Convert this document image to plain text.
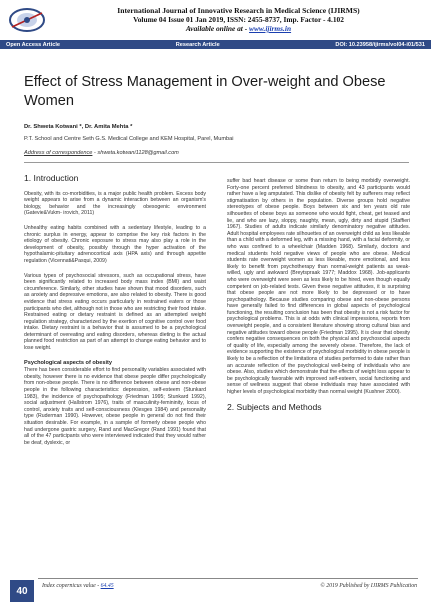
International Journal of Innovative Research in Medical Science (IJIRMS)
Volume 04 Issue 01 Jan 2019, ISSN: 2455-8737, Imp. Factor - 4.102
Available online at - www.ijirms.in
Open Access Article	Research Article	DOI: 10.23958/ijirms/vol04-i01/531
Effect of Stress Management in Over-weight and Obese Women
Dr. Shweta Kotwani *, Dr. Amita Mehta *
P.T. School and Centre Seth G.S. Medical College and KEM Hospital, Parel, Mumbai
Address of correspondence - shweta.kotwani1128@gmail.com
1. Introduction

Obesity, with its co-morbidities, is a major public health problem. Excess body weight appears to arise from a dynamic interaction between an organism's biology, behavior and the increasingly obesogenic environment (Gatevie&Vukm- irovich, 2011)

Unhealthy eating habits combined with a sedentary lifestyle, leading to a chronic surplus in energy, appear to comprise the key risk factors in the etiology of obesity. Chronic exposure to stress may also play a role in the development of obesity, possibly through the hyper activation of the hypothalamic-pituitary adrenocortical axis (HPA axis) and through appetite regulation (Vicennati&Pasqui, 2009)

Various types of psychosocial stressors, such as occupational stress, have been significantly related to increased body mass index (BMI) and waist circumference. Similarly, other studies have shown that mood disorders, such as anxiety and depressive emotions, are also related to obesity. There is good evidence that stress eating occurs particularly in restrained eaters or those participants who diet, although not in those who are restricting their food intake. Restrained eating or dietary restraint is defined as an attempted weight regulation strategy, characterized by the exertion of cognitive control over food intake. Dietary restraint is a behavior that is assumed to be a psychological determinant of overeating and eating disorders, whereas dieting is the actual planned food restriction as part of an attempt to change eating behavior and to lose weight.

Psychological aspects of obesity

There has been considerable effort to find personality variables associated with obesity, however there is no evidence that obese people differ psychologically from non-obese people. There is no difference between obese and non-obese people in the following characteristics: depression, self-esteem (Stunkard 1983), the incidence of psychopathology (Friedman 1995; Stunkard 1992), social adjustment (Hallstrom 1976), traits of masculinity-femininity, locus of control, anxiety traits and self-consciousness (Klesges 1984) and personality type (Ruderman 1990). However, obese people in general do not find their situation desirable. For example, in a sample of formerly obese people who had undergone gastric surgery, Rand and MacGregor (Rand 1991) found that all of the 47 participants who were interviewed indicated that they would rather be deaf, dyslexic, or

suffer bad heart disease or some than return to being morbidly overweight. Forty-one percent preferred blindness to obesity, and 43 participants would rather have a leg amputated. This dislike of obesity felt by sufferers may reflect stigmatisation by others in the population. Diverse groups hold negative stereotypes of obese people. Boys between six and ten years old rate silhouettes of obese boys as someone who would fight, cheat, get teased and lie, and who are lazy, sloppy, naughty, mean, ugly, dirty and stupid (Staffieri 1967). Studies of adults indicate similarly denominatory negative attitudes. Adult hospital employees rate silhouettes of an overweight child as less likeable than a child with a deformed leg, with a missing hand, with a facial deformity, or who was confined to a wheelchair (Madden 1968). Similarly, doctors and medical students hold negative views of people who are obese. Medical students rate overweight women as less likeable, more emotional, and less likely to benefit from psychotherapy than normal-weight patients as weak-willed, ugly and awkward (Breytspraak 1977; Maddox 1968). Job-applicants who were overweight were seen as less likely to be hired, even though equally competent on job-related tests. Given these negative attitudes, it is surprising that obese people are not more likely to be depressed or to have psychopathology. Because studies comparing obese and non-obese persons have generally failed to find differences in global aspects of psychological functioning, the resulting conclusion has been that obesity is not a risk factor for psychological problems. This is at odds with clinical impressions, reports from overweight people, and a consistent literature showing strong cultural bias and negative attitudes toward obese people (Friedman 1995). It is clear that obesity confers negative consequences on both the physical and psychosocial aspects of quality of life, especially among the severely obese. Therefore, the lack of evidence supporting the existence of psychological morbidity in obese people is likely to be a reflection of the limitations of studies performed to date rather than an accurate reflection of the psychological well-being of individuals who are obese. Also, studies which demonstrate that the effects of weight loss appear to be psychologically favorable with improved self-esteem, social functioning and sense of wellness suggest that obese individuals may have associated with higher levels of psychological morbidity than normal weight (Kushner 2000).

2. Subjects and Methods
40	Index copernicus value - 64.45	© 2019 Published by IJIRMS Publication
